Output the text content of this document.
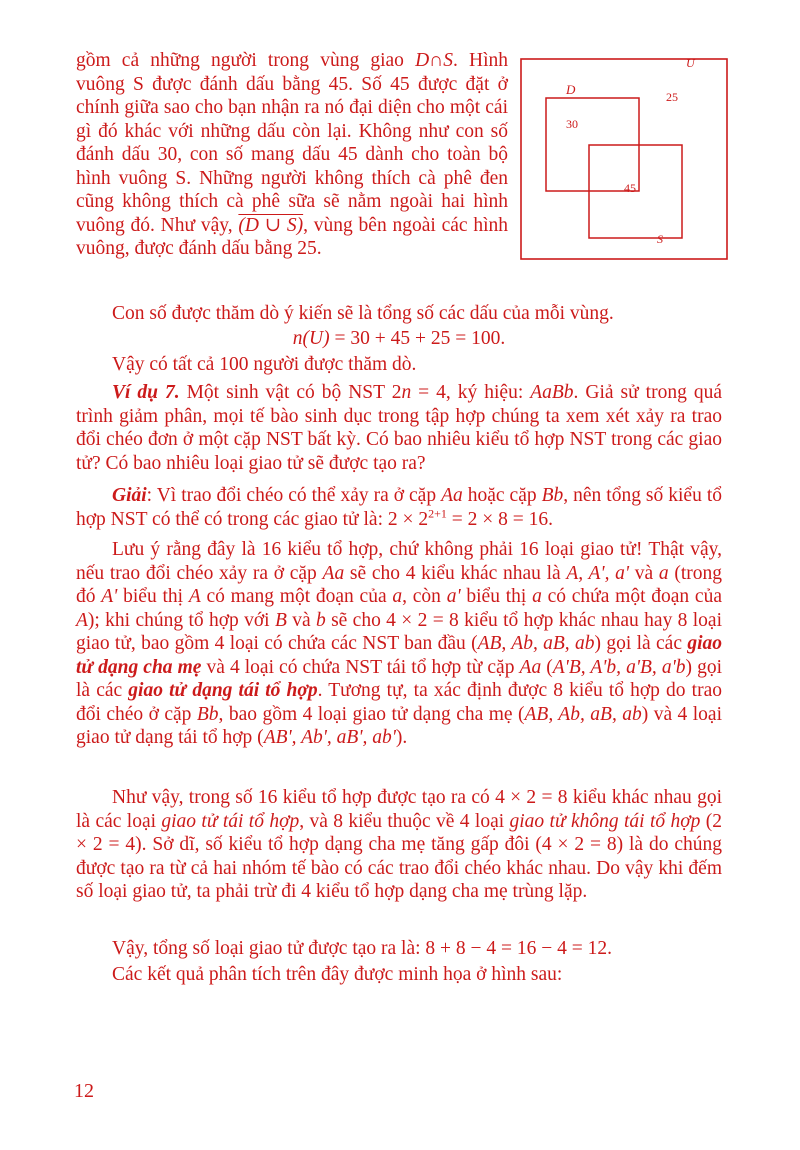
U
D	25
30
45
S

gồm cả những người trong vùng giao D∩S. Hình vuông S được đánh dấu bằng 45. Số 45 được đặt ở chính giữa sao cho bạn nhận ra nó đại diện cho một cái gì đó khác với những dấu còn lại. Không như con số đánh dấu 30, con số mang dấu 45 dành cho toàn bộ hình vuông S. Những người không thích cà phê đen cũng không thích cà phê sữa sẽ nằm ngoài hai hình vuông đó. Như vậy, (D ∪ S), vùng bên ngoài các hình vuông, được đánh dấu bằng 25.

Con số được thăm dò ý kiến sẽ là tổng số các dấu của mỗi vùng.

n(U) = 30 + 45 + 25 = 100.

Vậy có tất cả 100 người được thăm dò.

Ví dụ 7. Một sinh vật có bộ NST 2n = 4, ký hiệu: AaBb. Giả sử trong quá trình giảm phân, mọi tế bào sinh dục trong tập hợp chúng ta xem xét xảy ra trao đổi chéo đơn ở một cặp NST bất kỳ. Có bao nhiêu kiểu tổ hợp NST trong các giao tử? Có bao nhiêu loại giao tử sẽ được tạo ra?

Giải: Vì trao đổi chéo có thể xảy ra ở cặp Aa hoặc cặp Bb, nên tổng số kiểu tổ hợp NST có thể có trong các giao tử là: $2 \times 2^{2+1} = 2 \times 8 = 16$.

Lưu ý rằng đây là 16 kiểu tổ hợp, chứ không phải 16 loại giao tử! Thật vậy, nếu trao đổi chéo xảy ra ở cặp Aa sẽ cho 4 kiểu khác nhau là A, A', a' và a (trong đó A' biểu thị A có mang một đoạn của a, còn a' biểu thị a có chứa một đoạn của A); khi chúng tổ hợp với B và b sẽ cho 4 × 2 = 8 kiểu tổ hợp khác nhau hay 8 loại giao tử, bao gồm 4 loại có chứa các NST ban đầu (AB, Ab, aB, ab) gọi là các giao tử dạng cha mẹ và 4 loại có chứa NST tái tổ hợp từ cặp Aa (A'B, A'b, a'B, a'b) gọi là các giao tử dạng tái tổ hợp. Tương tự, ta xác định được 8 kiểu tổ hợp do trao đổi chéo ở cặp Bb, bao gồm 4 loại giao tử dạng cha mẹ (AB, Ab, aB, ab) và 4 loại giao tử dạng tái tổ hợp (AB', Ab', aB', ab').

Như vậy, trong số 16 kiểu tổ hợp được tạo ra có 4 × 2 = 8 kiểu khác nhau gọi là các loại giao tử tái tổ hợp, và 8 kiểu thuộc về 4 loại giao tử không tái tổ hợp (2 × 2 = 4). Sở dĩ, số kiểu tổ hợp dạng cha mẹ tăng gấp đôi (4 × 2 = 8) là do chúng được tạo ra từ cả hai nhóm tế bào có các trao đổi chéo khác nhau. Do vậy khi đếm số loại giao tử, ta phải trừ đi 4 kiểu tổ hợp dạng cha mẹ trùng lặp.

Vậy, tổng số loại giao tử được tạo ra là: 8 + 8 − 4 = 16 − 4 = 12.

Các kết quả phân tích trên đây được minh họa ở hình sau:

12
